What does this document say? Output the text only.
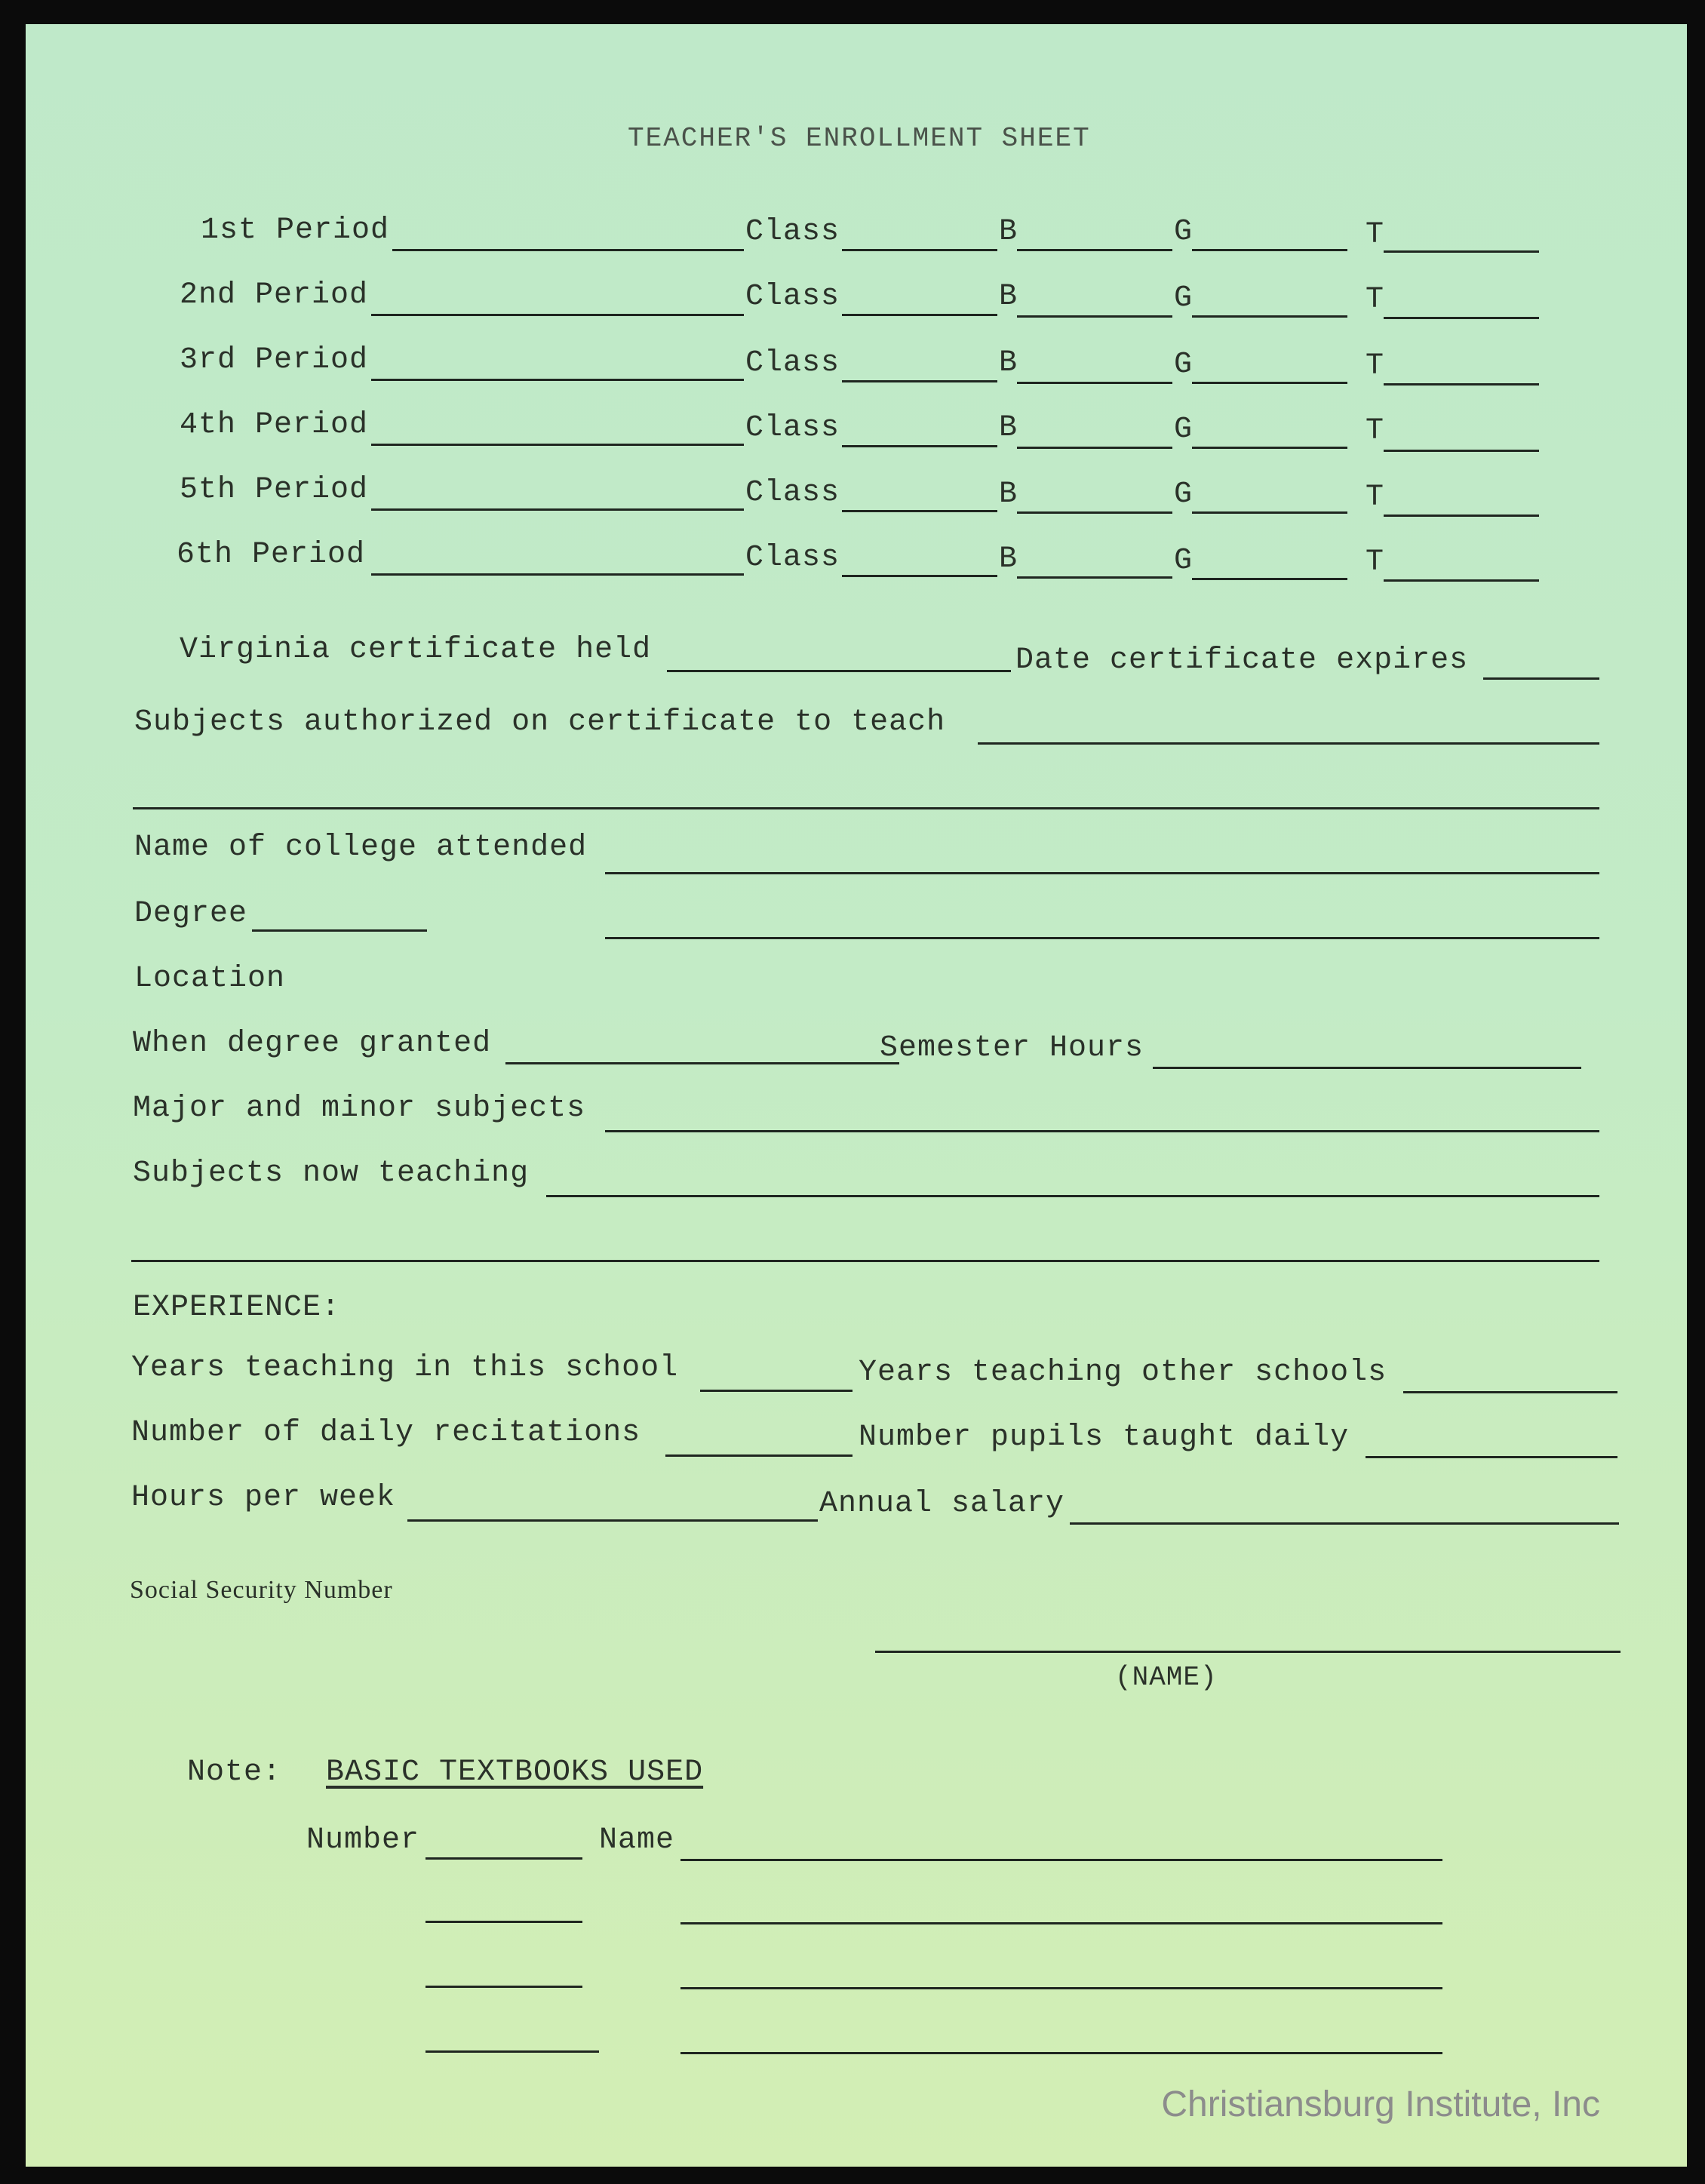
TEACHER'S ENROLLMENT SHEET
1st Period	Class	B	G	T
2nd Period	Class	B	G	T
3rd Period	Class	B	G	T
4th Period	Class	B	G	T
5th Period	Class	B	G	T
6th Period	Class	B	G	T
Virginia certificate held	Date certificate expires
Subjects authorized on certificate to teach
Name of college attended
Degree
Location
When degree granted	Semester Hours
Major and minor subjects
Subjects now teaching
EXPERIENCE:
Years teaching in this school	Years teaching other schools
Number of daily recitations	Number pupils taught daily
Hours per week	Annual salary
Social Security Number
(NAME)
Note: BASIC TEXTBOOKS USED
Number	Name
Christiansburg Institute, Inc
